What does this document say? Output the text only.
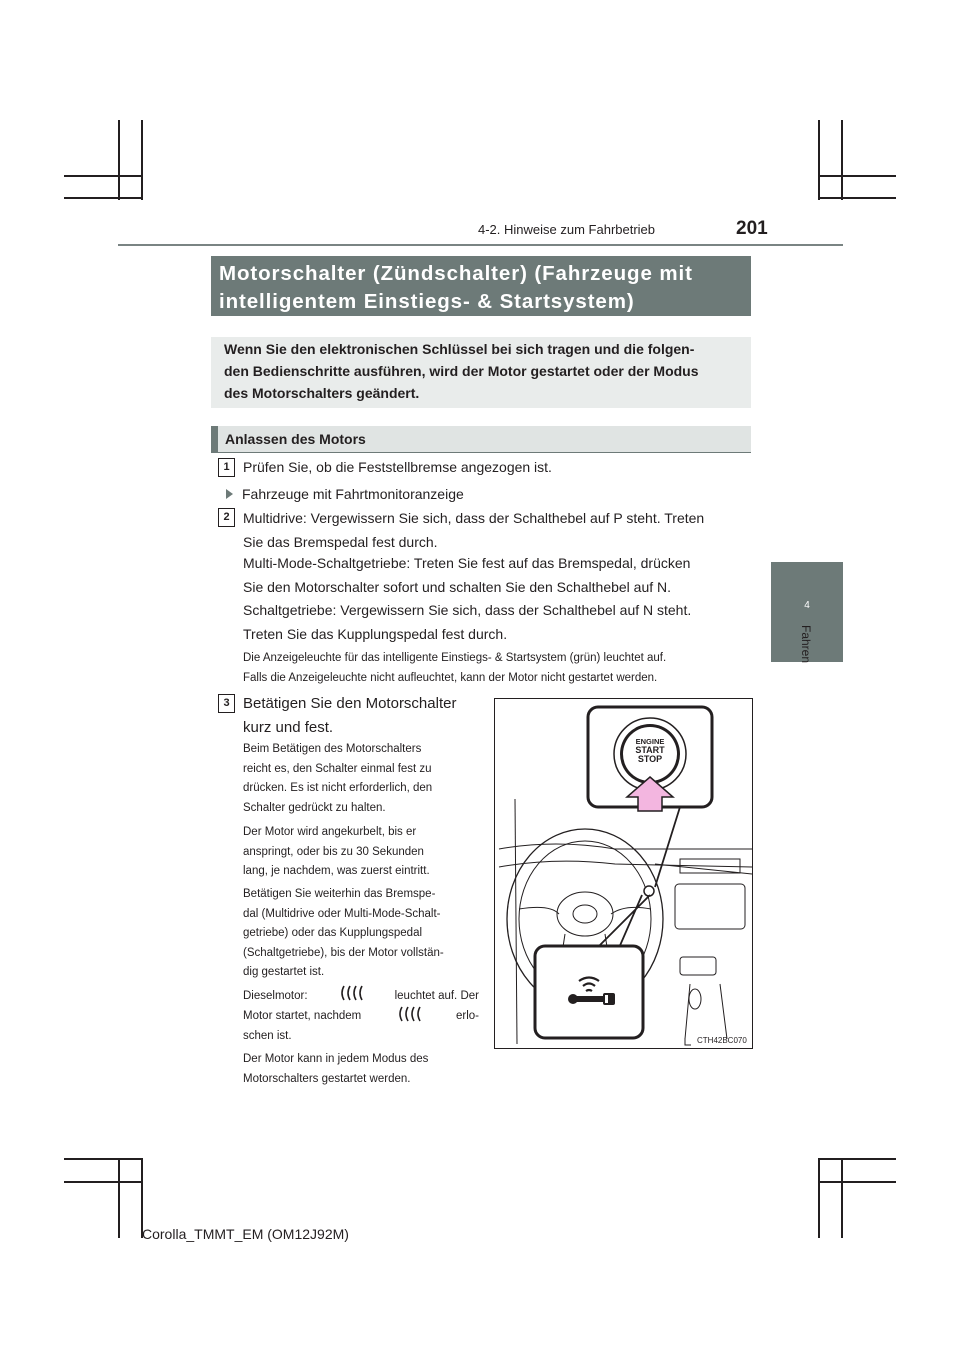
4-2. Hinweise zum Fahrbetrieb	201
4
Fahren
Motorschalter (Zündschalter) (Fahrzeuge mit
intelligentem Einstiegs- & Startsystem)
Wenn Sie den elektronischen Schlüssel bei sich tragen und die folgen-
den Bedienschritte ausführen, wird der Motor gestartet oder der Modus
des Motorschalters geändert.
Anlassen des Motors
1 Prüfen Sie, ob die Feststellbremse angezogen ist.
Fahrzeuge mit Fahrtmonitoranzeige
2 Multidrive: Vergewissern Sie sich, dass der Schalthebel auf P steht. Treten
Sie das Bremspedal fest durch.
Multi-Mode-Schaltgetriebe: Treten Sie fest auf das Bremspedal, drücken
Sie den Motorschalter sofort und schalten Sie den Schalthebel auf N.
Schaltgetriebe: Vergewissern Sie sich, dass der Schalthebel auf N steht.
Treten Sie das Kupplungspedal fest durch.
Die Anzeigeleuchte für das intelligente Einstiegs- & Startsystem (grün) leuchtet auf.
Falls die Anzeigeleuchte nicht aufleuchtet, kann der Motor nicht gestartet werden.
3 Betätigen Sie den Motorschalter
kurz und fest.
Beim Betätigen des Motorschalters
reicht es, den Schalter einmal fest zu
drücken. Es ist nicht erforderlich, den
Schalter gedrückt zu halten.
Der Motor wird angekurbelt, bis er
anspringt, oder bis zu 30 Sekunden
lang, je nachdem, was zuerst eintritt.
Betätigen Sie weiterhin das Bremspe-
dal (Multidrive oder Multi-Mode-Schalt-
getriebe) oder das Kupplungspedal
(Schaltgetriebe), bis der Motor vollstän-
dig gestartet ist.
Dieselmotor:	leuchtet auf. Der
Motor startet, nachdem	erlo-
schen ist.
Der Motor kann in jedem Modus des
Motorschalters gestartet werden.
ENGINE
START
STOP
CTH42BC070
Corolla_TMMT_EM (OM12J92M)
